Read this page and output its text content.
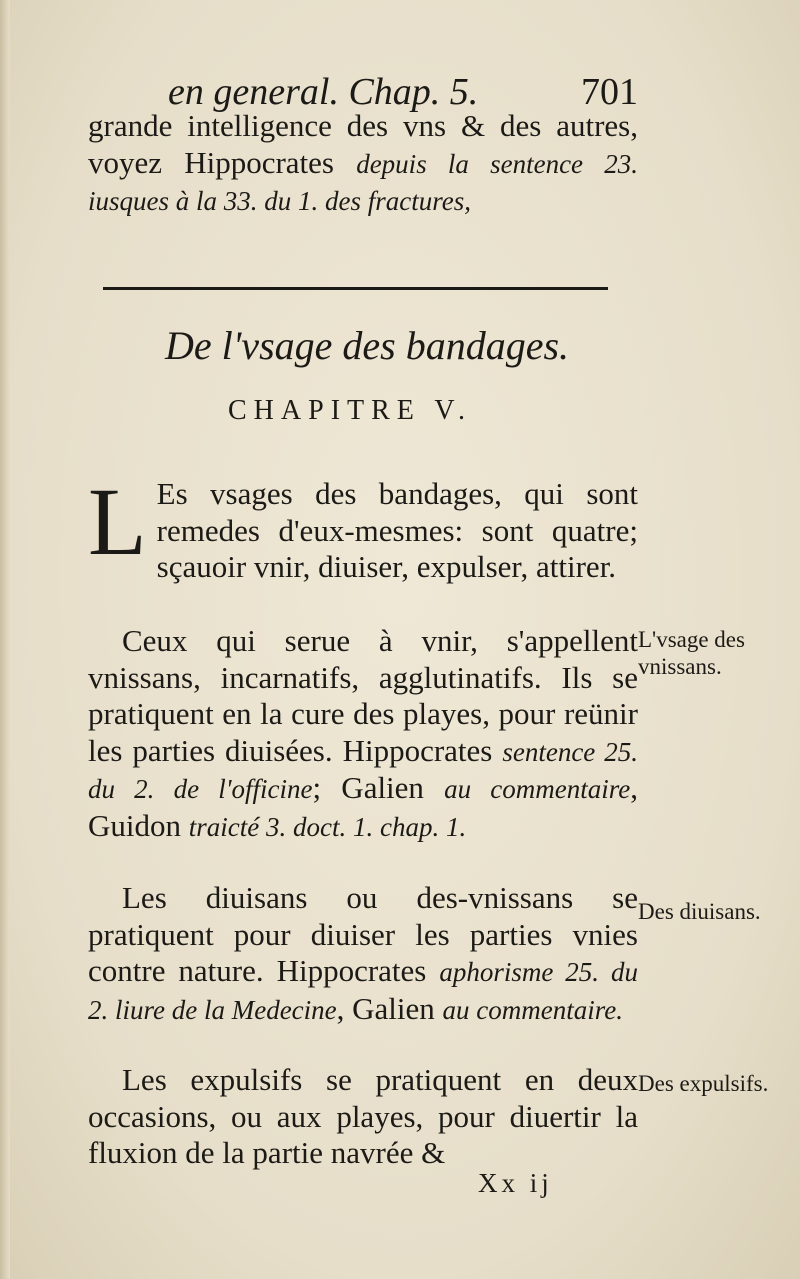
en general. Chap. 5.	701

grande intelligence des vns & des autres, voyez Hippocrates depuis la sentence 23. iusques à la 33. du 1. des fractures,

De l'vsage des bandages.
CHAPITRE V.

L Es vsages des bandages, qui sont remedes d'eux-mesmes: sont quatre; sçauoir vnir, diuiser, expulser, attirer.

Ceux qui serue à vnir, s'appellent vnissans, incarnatifs, agglutinatifs. Ils se pratiquent en la cure des playes, pour reünir les parties diuisées. Hippocrates sentence 25. du 2. de l'officine; Galien au commentaire, Guidon traicté 3. doct. 1. chap. 1.

Les diuisans ou des-vnissans se pratiquent pour diuiser les parties vnies contre nature. Hippocrates aphorisme 25. du 2. liure de la Medecine, Galien au commentaire.

Les expulsifs se pratiquent en deux occasions, ou aux playes, pour diuertir la fluxion de la partie navrée &

L'vsage des vnissans.
Des diuisans.
Des expulsifs.
Xx ij
